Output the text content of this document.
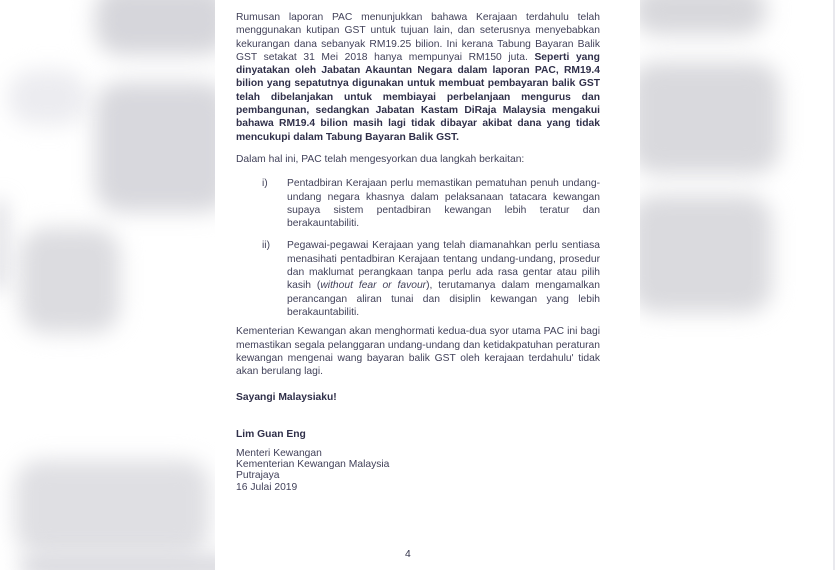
Rumusan laporan PAC menunjukkan bahawa Kerajaan terdahulu telah menggunakan kutipan GST untuk tujuan lain, dan seterusnya menyebabkan kekurangan dana sebanyak RM19.25 bilion. Ini kerana Tabung Bayaran Balik GST setakat 31 Mei 2018 hanya mempunyai RM150 juta. Seperti yang dinyatakan oleh Jabatan Akauntan Negara dalam laporan PAC, RM19.4 bilion yang sepatutnya digunakan untuk membuat pembayaran balik GST telah dibelanjakan untuk membiayai perbelanjaan mengurus dan pembangunan, sedangkan Jabatan Kastam DiRaja Malaysia mengakui bahawa RM19.4 bilion masih lagi tidak dibayar akibat dana yang tidak mencukupi dalam Tabung Bayaran Balik GST.
Dalam hal ini, PAC telah mengesyorkan dua langkah berkaitan:
i)	Pentadbiran Kerajaan perlu memastikan pematuhan penuh undang-undang negara khasnya dalam pelaksanaan tatacara kewangan supaya sistem pentadbiran kewangan lebih teratur dan berakauntabiliti.
ii)	Pegawai-pegawai Kerajaan yang telah diamanahkan perlu sentiasa menasihati pentadbiran Kerajaan tentang undang-undang, prosedur dan maklumat perangkaan tanpa perlu ada rasa gentar atau pilih kasih (without fear or favour), terutamanya dalam mengamalkan perancangan aliran tunai dan disiplin kewangan yang lebih berakauntabiliti.
Kementerian Kewangan akan menghormati kedua-dua syor utama PAC ini bagi memastikan segala pelanggaran undang-undang dan ketidakpatuhan peraturan kewangan mengenai wang bayaran balik GST oleh kerajaan terdahulu' tidak akan berulang lagi.
Sayangi Malaysiaku!
Lim Guan Eng
Menteri Kewangan
Kementerian Kewangan Malaysia
Putrajaya
16 Julai 2019
4
